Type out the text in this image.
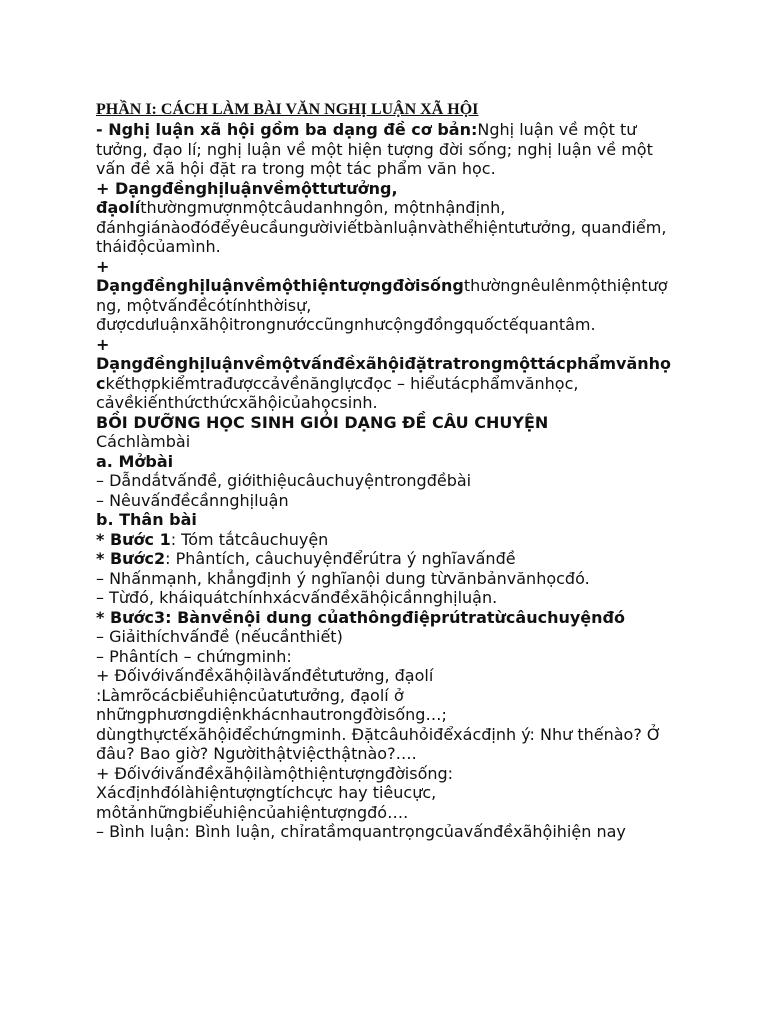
PHẦN I: CÁCH LÀM BÀI VĂN NGHỊ LUẬN XÃ HỘI

- Nghị luận xã hội gồm ba dạng đề cơ bản:Nghị luận về một tư tưởng, đạo lí; nghị luận về một hiện tượng đời sống; nghị luận về một vấn đề xã hội đặt ra trong một tác phẩm văn học.

+ Dạngđềnghịluậnvềmộttưtưởng, đạolíthườngmượnmộtcâudanhngôn, mộtnhậnđịnh, đánhgiánàođóđểyêucầungườiviếtbànluậnvàthểhiệntưtưởng, quanđiểm, tháiđộcủamình.

+ Dạngđềnghịluậnvềmộthiệntượngđờisốngthườngnêulênmộthiệntượng, mộtvấnđềcótínhthờisự, đượcdưluậnxãhộitrongnướccũngnhưcộngđồngquốctếquantâm.

+ Dạngđềnghịluậnvềmộtvấnđềxãhộiđặtratrongmộttácphẩmvănhọckếthợpkiểmtrađượccảvềnănglựcđọc – hiểutácphẩmvănhọc, cảvềkiếnthứcthứcxãhộicủahọcsinh.

BỒI DƯỠNG HỌC SINH GIỎI DẠNG ĐỀ CÂU CHUYỆN

Cáchlàmbài

a. Mởbài

– Dẫndắtvấnđề, giớithiệucâuchuyệntrongđềbài

– Nêuvấnđềcầnnghịluận

b. Thân bài

* Bước 1: Tóm tắtcâuchuyện

* Bước2: Phântích, câuchuyệnđểrútra ý nghĩavấnđề

– Nhấnmạnh, khẳngđịnh ý nghĩanội dung từvănbảnvănhọcđó.

– Từđó, kháiquátchínhxácvấnđềxãhộicầnnghịluận.

* Bước3: Bànvềnội dung củathôngđiệprútratừcâuchuyệnđó

– Giảithíchvấnđề (nếucầnthiết)

– Phântích – chứngminh:

+ Đốivớivấnđềxãhộilàvấnđềtưtưởng, đạolí :Làmrõcácbiểuhiệncủatưtưởng, đạolí ở nhữngphươngdiệnkhácnhautrongđờisống…; dùngthựctếxãhộiđểchứngminh. Đặtcâuhỏiđểxácđịnh ý: Như thếnào? Ở đâu? Bao giờ? Ngườithậtviệcthậtnào?….

+ Đốivớivấnđềxãhộilàmộthiệntượngđờisống: Xácđịnhđólàhiệntượngtíchcực hay tiêucực, môtảnhữngbiểuhiệncủahiệntượngđó….

– Bình luận: Bình luận, chỉratầmquantrọngcủavấnđềxãhộihiện nay
